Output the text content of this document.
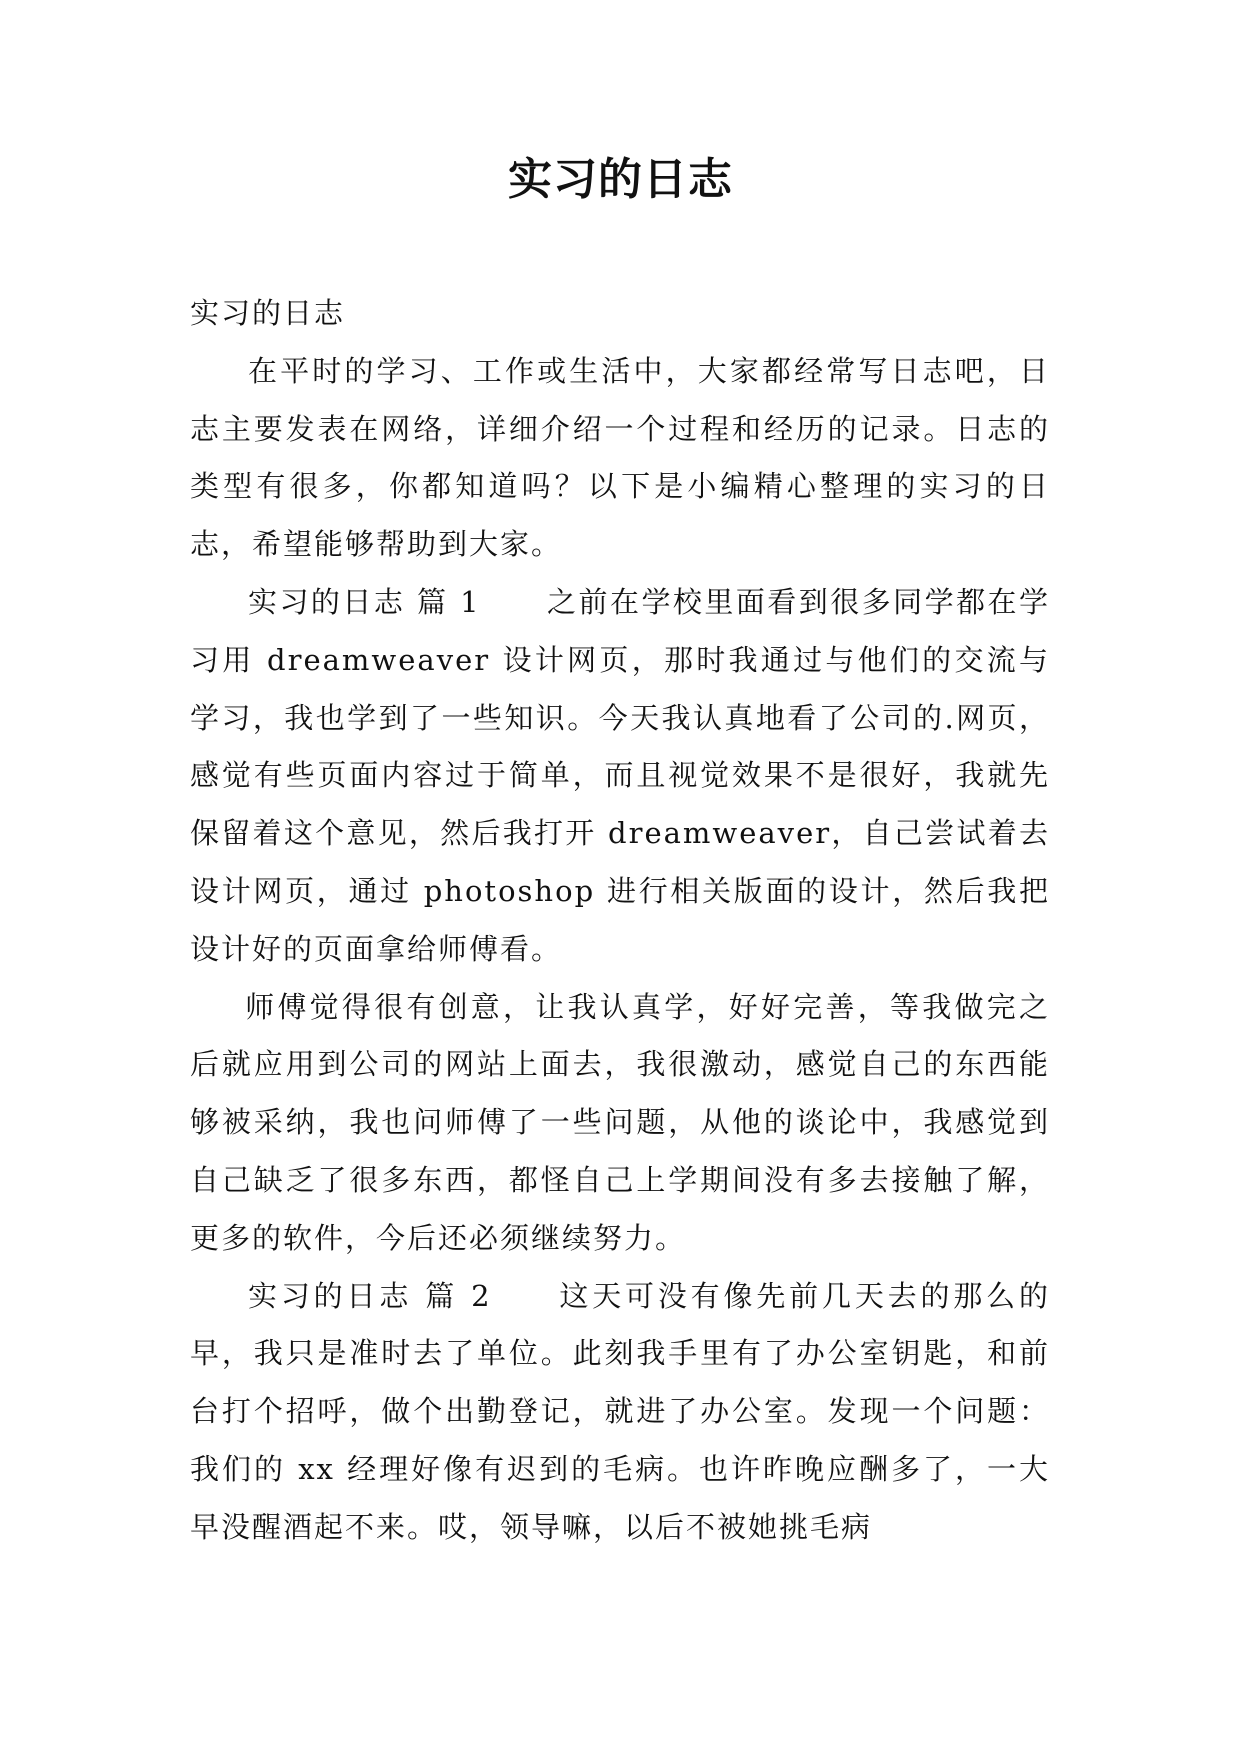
实习的日志

实习的日志

在平时的学习、工作或生活中，大家都经常写日志吧，日志主要发表在网络，详细介绍一个过程和经历的记录。日志的类型有很多，你都知道吗？以下是小编精心整理的实习的日志，希望能够帮助到大家。

实习的日志 篇 1 之前在学校里面看到很多同学都在学习用 dreamweaver 设计网页，那时我通过与他们的交流与学习，我也学到了一些知识。今天我认真地看了公司的.网页，感觉有些页面内容过于简单，而且视觉效果不是很好，我就先保留着这个意见，然后我打开 dreamweaver，自己尝试着去设计网页，通过 photoshop 进行相关版面的设计，然后我把设计好的页面拿给师傅看。

师傅觉得很有创意，让我认真学，好好完善，等我做完之后就应用到公司的网站上面去，我很激动，感觉自己的东西能够被采纳，我也问师傅了一些问题，从他的谈论中，我感觉到自己缺乏了很多东西，都怪自己上学期间没有多去接触了解，更多的软件，今后还必须继续努力。

实习的日志 篇 2 这天可没有像先前几天去的那么的早，我只是准时去了单位。此刻我手里有了办公室钥匙，和前台打个招呼，做个出勤登记，就进了办公室。发现一个问题：我们的 xx 经理好像有迟到的毛病。也许昨晚应酬多了，一大早没醒酒起不来。哎，领导嘛，以后不被她挑毛病
